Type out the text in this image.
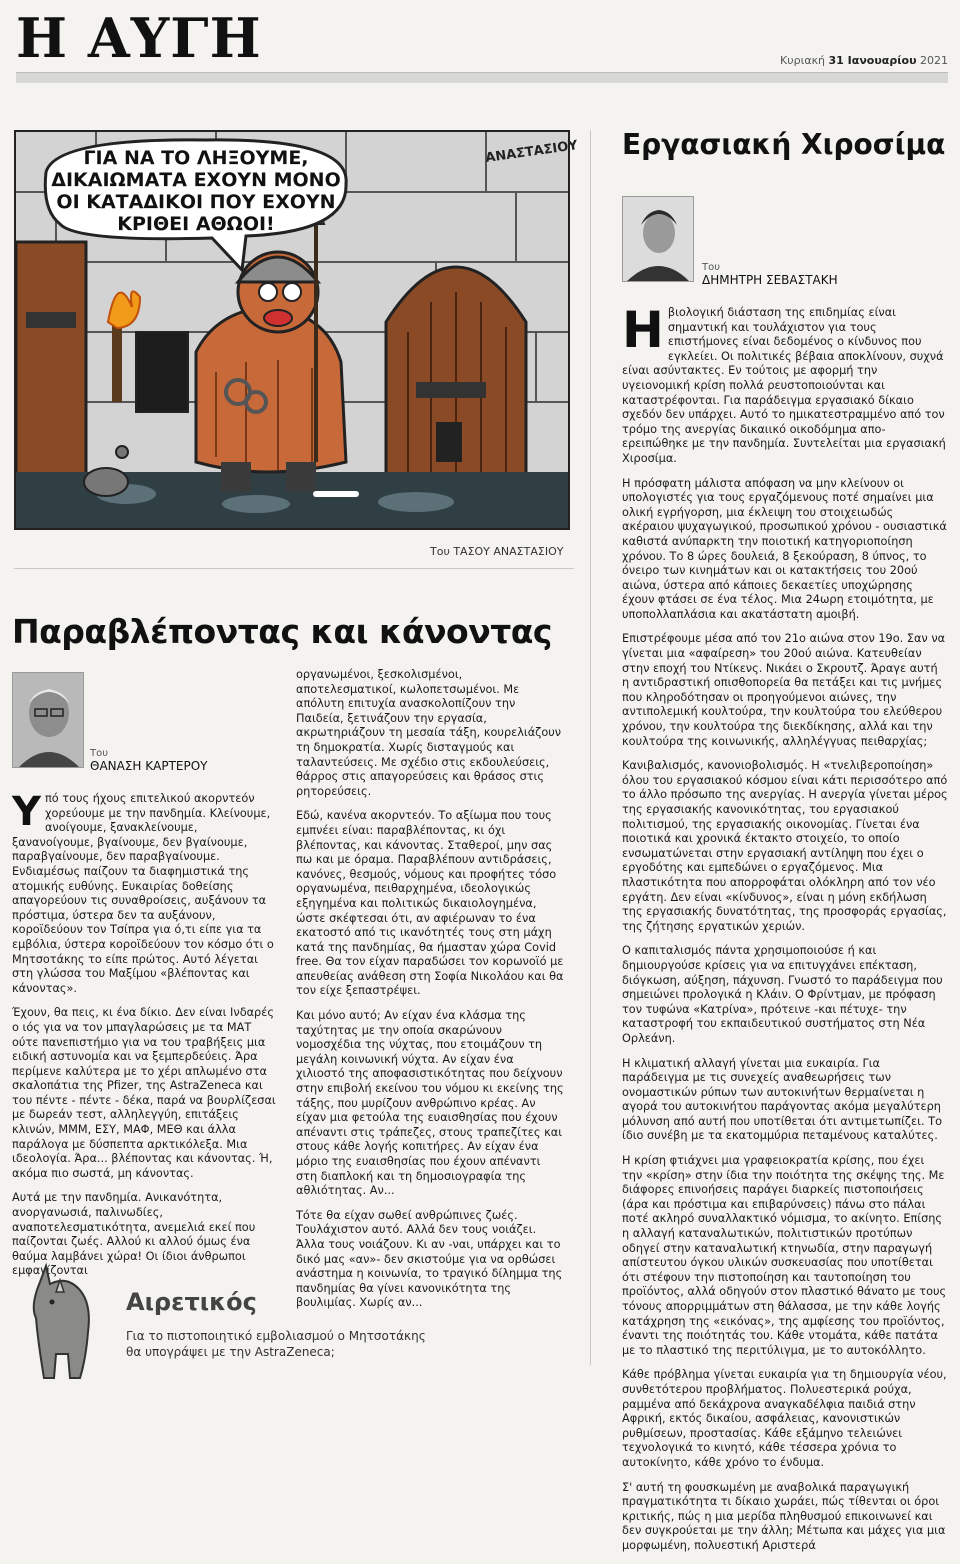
Η ΑΥΓΗ	Κυριακή 31 Ιανουαρίου 2021
ΓΙΑ ΝΑ ΤΟ ΛΗΞΟΥΜΕ,
ΔΙΚΑΙΩΜΑΤΑ ΕΧΟΥΝ ΜΟΝΟ
ΟΙ ΚΑΤΑΔΙΚΟΙ ΠΟΥ ΕΧΟΥΝ
ΚΡΙΘΕΙ ΑΘΩΟΙ!
ΑΝΑΣΤΑΣΙΟΥ
Του ΤΑΣΟΥ ΑΝΑΣΤΑΣΙΟΥ
Παραβλέποντας και κάνοντας
Του
ΘΑΝΑΣΗ ΚΑΡΤΕΡΟΥ

Υπό τους ήχους επιτελικού ακορντεόν χορεύουμε με την πανδημία. Κλείνουμε, ανοίγουμε, ξανακλείνουμε, ξανανοίγουμε, βγαίνουμε, δεν βγαίνουμε, παραβγαίνουμε, δεν παραβγαίνουμε. Ενδιαμέσως παίζουν τα διαφημιστικά της ατομικής ευθύνης. Ευκαιρίας δοθείσης απαγορεύουν τις συναθροίσεις, αυξάνουν τα πρόστιμα, ύστερα δεν τα αυξάνουν, κοροϊδεύουν τον Τσίπρα για ό,τι είπε για τα εμβόλια, ύστερα κοροϊδεύουν τον κόσμο ότι ο Μητσοτάκης το είπε πρώτος. Αυτό λέγεται στη γλώσσα του Μαξίμου «βλέποντας και κάνοντας».

Έχουν, θα πεις, κι ένα δίκιο. Δεν είναι Ινδαρές ο ιός για να τον μπαγλαρώσεις με τα ΜΑΤ ούτε πανεπιστήμιο για να του τραβήξεις μια ειδική αστυνομία και να ξεμπερδεύεις. Άρα περίμενε καλύτερα με το χέρι απλωμένο στα σκαλοπάτια της Pfizer, της AstraZeneca και του πέντε - πέντε - δέκα, παρά να βουρλίζεσαι με δωρεάν τεστ, αλληλεγγύη, επιτάξεις κλινών, ΜΜΜ, ΕΣΥ, ΜΑΦ, ΜΕΘ και άλλα παράλογα με δύσπεπτα αρκτικόλεξα. Μια ιδεολογία. Άρα... βλέποντας και κάνοντας. Ή, ακόμα πιο σωστά, μη κάνοντας.

Αυτά με την πανδημία. Ανικανότητα, ανοργανωσιά, παλινωδίες, αναποτελεσματικότητα, ανεμελιά εκεί που παίζονται ζωές. Αλλού κι αλλού όμως ένα θαύμα λαμβάνει χώρα! Οι ίδιοι άνθρωποι εμφανίζονται

οργανωμένοι, ξεσκολισμένοι, αποτελεσματικοί, κωλοπετσωμένοι. Με απόλυτη επιτυχία ανασκολοπίζουν την Παιδεία, ξετινάζουν την εργασία, ακρωτηριάζουν τη μεσαία τάξη, κουρελιάζουν τη δημοκρατία. Χωρίς δισταγμούς και ταλαντεύσεις. Με σχέδιο στις εκδουλεύσεις, θάρρος στις απαγορεύσεις και θράσος στις ρητορεύσεις.

Εδώ, κανένα ακορντεόν. Το αξίωμα που τους εμπνέει είναι: παραβλέποντας, κι όχι βλέποντας, και κάνοντας. Σταθεροί, μην σας πω και με όραμα. Παραβλέπουν αντιδράσεις, κανόνες, θεσμούς, νόμους και προφήτες τόσο οργανωμένα, πειθαρχημένα, ιδεολογικώς εξηγημένα και πολιτικώς δικαιολογημένα, ώστε σκέφτεσαι ότι, αν αφιέρωναν το ένα εκατοστό από τις ικανότητές τους στη μάχη κατά της πανδημίας, θα ήμασταν χώρα Covid free. Θα τον είχαν παραδώσει τον κορωνοϊό με απευθείας ανάθεση στη Σοφία Νικολάου και θα τον είχε ξεπαστρέψει.

Και μόνο αυτό; Αν είχαν ένα κλάσμα της ταχύτητας με την οποία σκαρώνουν νομοσχέδια της νύχτας, που ετοιμάζουν τη μεγάλη κοινωνική νύχτα. Αν είχαν ένα χιλιοστό της αποφασιστικότητας που δείχνουν στην επιβολή εκείνου του νόμου κι εκείνης της τάξης, που μυρίζουν ανθρώπινο κρέας. Αν είχαν μια φετούλα της ευαισθησίας που έχουν απέναντι στις τράπεζες, στους τραπεζίτες και στους κάθε λογής κοπιτήρες. Αν είχαν ένα μόριο της ευαισθησίας που έχουν απέναντι στη διαπλοκή και τη δημοσιογραφία της αθλιότητας. Αν...

Τότε θα είχαν σωθεί ανθρώπινες ζωές. Τουλάχιστον αυτό. Αλλά δεν τους νοιάζει. Άλλα τους νοιάζουν. Κι αν -ναι, υπάρχει και το δικό μας «αν»- δεν σκιστούμε για να ορθώσει ανάστημα η κοινωνία, το τραγικό δίλημμα της πανδημίας θα γίνει κανονικότητα της βουλιμίας. Χωρίς αν...

Αιρετικός
Για το πιστοποιητικό εμβολιασμού ο Μητσοτάκης θα υπογράψει με την AstraZeneca;
Εργασιακή Χιροσίμα
Του
ΔΗΜΗΤΡΗ ΣΕΒΑΣΤΑΚΗ

Ηβιολογική διάσταση της επιδημίας είναι σημαντική και τουλάχιστον για τους επιστήμονες είναι δεδομένος ο κίνδυνος που εγκλείει. Οι πολιτικές βέβαια αποκλίνουν, συχνά είναι ασύντακτες. Εν τούτοις με αφορμή την υγειονομική κρίση πολλά ρευστοποιούνται και καταστρέφονται. Για παράδειγμα εργασιακό δίκαιο σχεδόν δεν υπάρχει. Αυτό το ημικατεστραμμένο από τον τρόμο της ανεργίας δικαιικό οικοδόμημα απο-ερειπώθηκε με την πανδημία. Συντελείται μια εργασιακή Χιροσίμα.

Η πρόσφατη μάλιστα απόφαση να μην κλείνουν οι υπολογιστές για τους εργαζόμενους ποτέ σημαίνει μια ολική εγρήγορση, μια έκλειψη του στοιχειωδώς ακέραιου ψυχαγωγικού, προσωπικού χρόνου - ουσιαστικά καθιστά ανύπαρκτη την ποιοτική κατηγοριοποίηση χρόνου. Το 8 ώρες δουλειά, 8 ξεκούραση, 8 ύπνος, το όνειρο των κινημάτων και οι κατακτήσεις του 20ού αιώνα, ύστερα από κάποιες δεκαετίες υποχώρησης έχουν φτάσει σε ένα τέλος. Μια 24ωρη ετοιμότητα, με υποπολλαπλάσια και ακατάστατη αμοιβή.

Επιστρέφουμε μέσα από τον 21ο αιώνα στον 19ο. Σαν να γίνεται μια «αφαίρεση» του 20ού αιώνα. Κατευθείαν στην εποχή του Ντίκενς. Νικάει ο Σκρουτζ. Άραγε αυτή η αντιδραστική οπισθοπορεία θα πετάξει και τις μνήμες που κληροδότησαν οι προηγούμενοι αιώνες, την αντιπολεμική κουλτούρα, την κουλτούρα του ελεύθερου χρόνου, την κουλτούρα της διεκδίκησης, αλλά και την κουλτούρα της κοινωνικής, αλληλέγγυας πειθαρχίας;

Κανιβαλισμός, κανονιοβολισμός. Η «τνελιβεροποίηση» όλου του εργασιακού κόσμου είναι κάτι περισσότερο από το άλλο πρόσωπο της ανεργίας. Η ανεργία γίνεται μέρος της εργασιακής κανονικότητας, του εργασιακού πολιτισμού, της εργασιακής οικονομίας. Γίνεται ένα ποιοτικά και χρονικά έκτακτο στοιχείο, το οποίο ενσωματώνεται στην εργασιακή αντίληψη που έχει ο εργοδότης και εμπεδώνει ο εργαζόμενος. Μια πλαστικότητα που απορροφάται ολόκληρη από τον νέο εργάτη. Δεν είναι «κίνδυνος», είναι η μόνη εκδήλωση της εργασιακής δυνατότητας, της προσφοράς εργασίας, της ζήτησης εργατικών χεριών.

Ο καπιταλισμός πάντα χρησιμοποιούσε ή και δημιουργούσε κρίσεις για να επιτυγχάνει επέκταση, διόγκωση, αύξηση, πάχυνση. Γνωστό το παράδειγμα που σημειώνει προλογικά η Κλάιν. Ο Φρίντμαν, με πρόφαση τον τυφώνα «Κατρίνα», πρότεινε -και πέτυχε- την καταστροφή του εκπαιδευτικού συστήματος στη Νέα Ορλεάνη.

Η κλιματική αλλαγή γίνεται μια ευκαιρία. Για παράδειγμα με τις συνεχείς αναθεωρήσεις των ονομαστικών ρύπων των αυτοκινήτων θερμαίνεται η αγορά του αυτοκινήτου παράγοντας ακόμα μεγαλύτερη μόλυνση από αυτή που υποτίθεται ότι αντιμετωπίζει. Το ίδιο συνέβη με τα εκατομμύρια πεταμένους καταλύτες.

Η κρίση φτιάχνει μια γραφειοκρατία κρίσης, που έχει την «κρίση» στην ίδια την ποιότητα της σκέψης της. Με διάφορες επινοήσεις παράγει διαρκείς πιστοποιήσεις (άρα και πρόστιμα και επιβαρύνσεις) πάνω στο πάλαι ποτέ ακληρό συναλλακτικό νόμισμα, το ακίνητο. Επίσης η αλλαγή καταναλωτικών, πολιτιστικών προτύπων οδηγεί στην καταναλωτική κτηνωδία, στην παραγωγή απίστευτου όγκου υλικών συσκευασίας που υποτίθεται ότι στέφουν την πιστοποίηση και ταυτοποίηση του προϊόντος, αλλά οδηγούν στον πλαστικό θάνατο με τους τόνους απορριμμάτων στη θάλασσα, με την κάθε λογής κατάχρηση της «εικόνας», της αμφίεσης του προϊόντος, έναντι της ποιότητάς του. Κάθε ντομάτα, κάθε πατάτα με το πλαστικό της περιτύλιγμα, με το αυτοκόλλητο.

Κάθε πρόβλημα γίνεται ευκαιρία για τη δημιουργία νέου, συνθετότερου προβλήματος. Πολυεστερικά ρούχα, ραμμένα από δεκάχρονα αναγκαδέλφια παιδιά στην Αφρική, εκτός δικαίου, ασφάλειας, κανονιστικών ρυθμίσεων, προστασίας. Κάθε εξάμηνο τελειώνει τεχνολογικά το κινητό, κάθε τέσσερα χρόνια το αυτοκίνητο, κάθε χρόνο το ένδυμα.

Σ' αυτή τη φουσκωμένη με αναβολικά παραγωγική πραγματικότητα τι δίκαιο χωράει, πώς τίθενται οι όροι κριτικής, πώς η μια μερίδα πληθυσμού επικοινωνεί και δεν συγκρούεται με την άλλη; Μέτωπα και μάχες για μια μορφωμένη, πολυεστική Αριστερά
